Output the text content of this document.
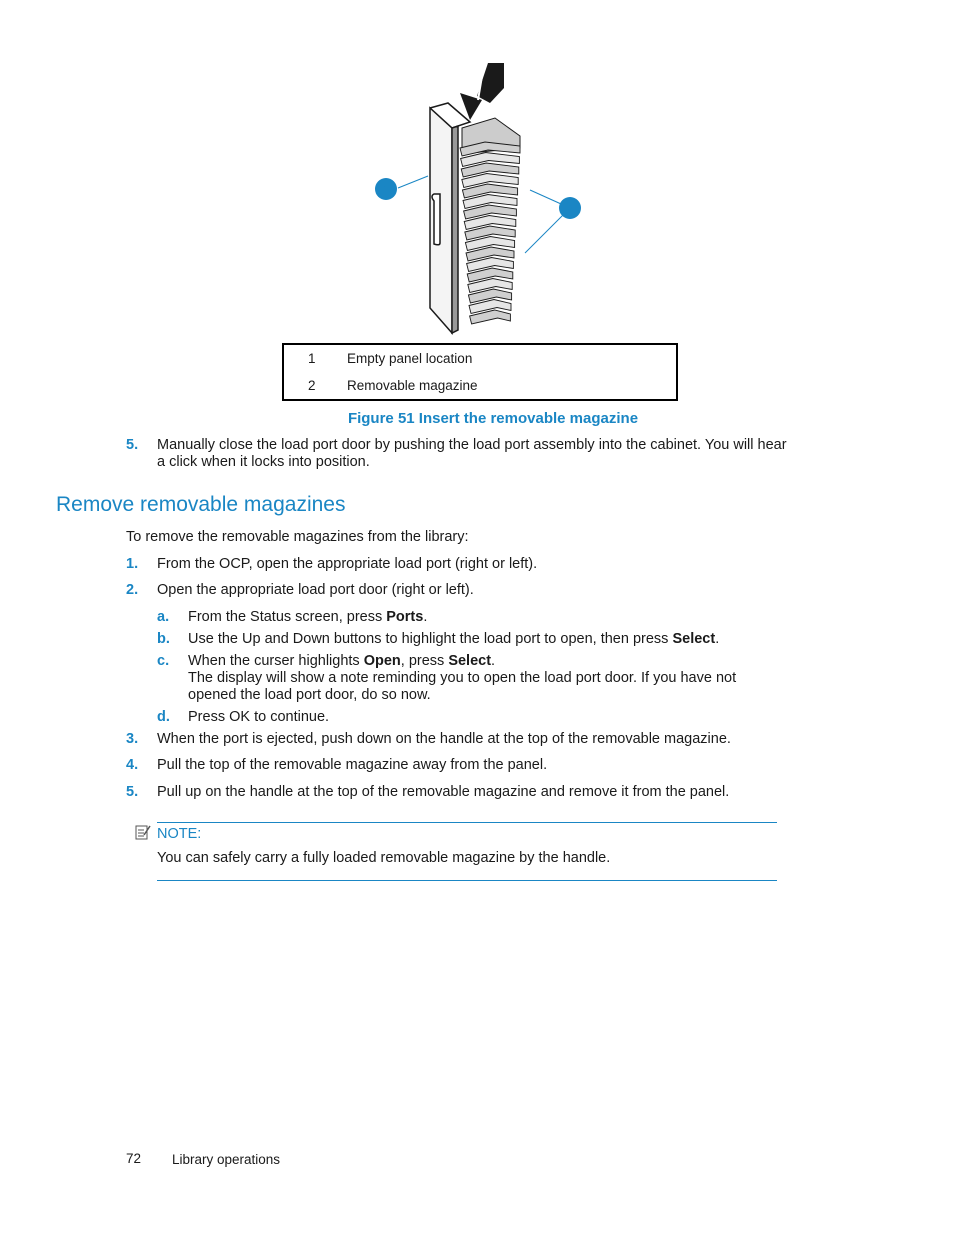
1
2
1 Empty panel location
2 Removable magazine
Figure 51 Insert the removable magazine
5. Manually close the load port door by pushing the load port assembly into the cabinet. You will hear
a click when it locks into position.
Remove removable magazines
To remove the removable magazines from the library:
1. From the OCP, open the appropriate load port (right or left).
2. Open the appropriate load port door (right or left).
a. From the Status screen, press Ports.
b. Use the Up and Down buttons to highlight the load port to open, then press Select.
c. When the curser highlights Open, press Select.
The display will show a note reminding you to open the load port door. If you have not
opened the load port door, do so now.
d. Press OK to continue.
3. When the port is ejected, push down on the handle at the top of the removable magazine.
4. Pull the top of the removable magazine away from the panel.
5. Pull up on the handle at the top of the removable magazine and remove it from the panel.
NOTE:
You can safely carry a fully loaded removable magazine by the handle.
72 Library operations
